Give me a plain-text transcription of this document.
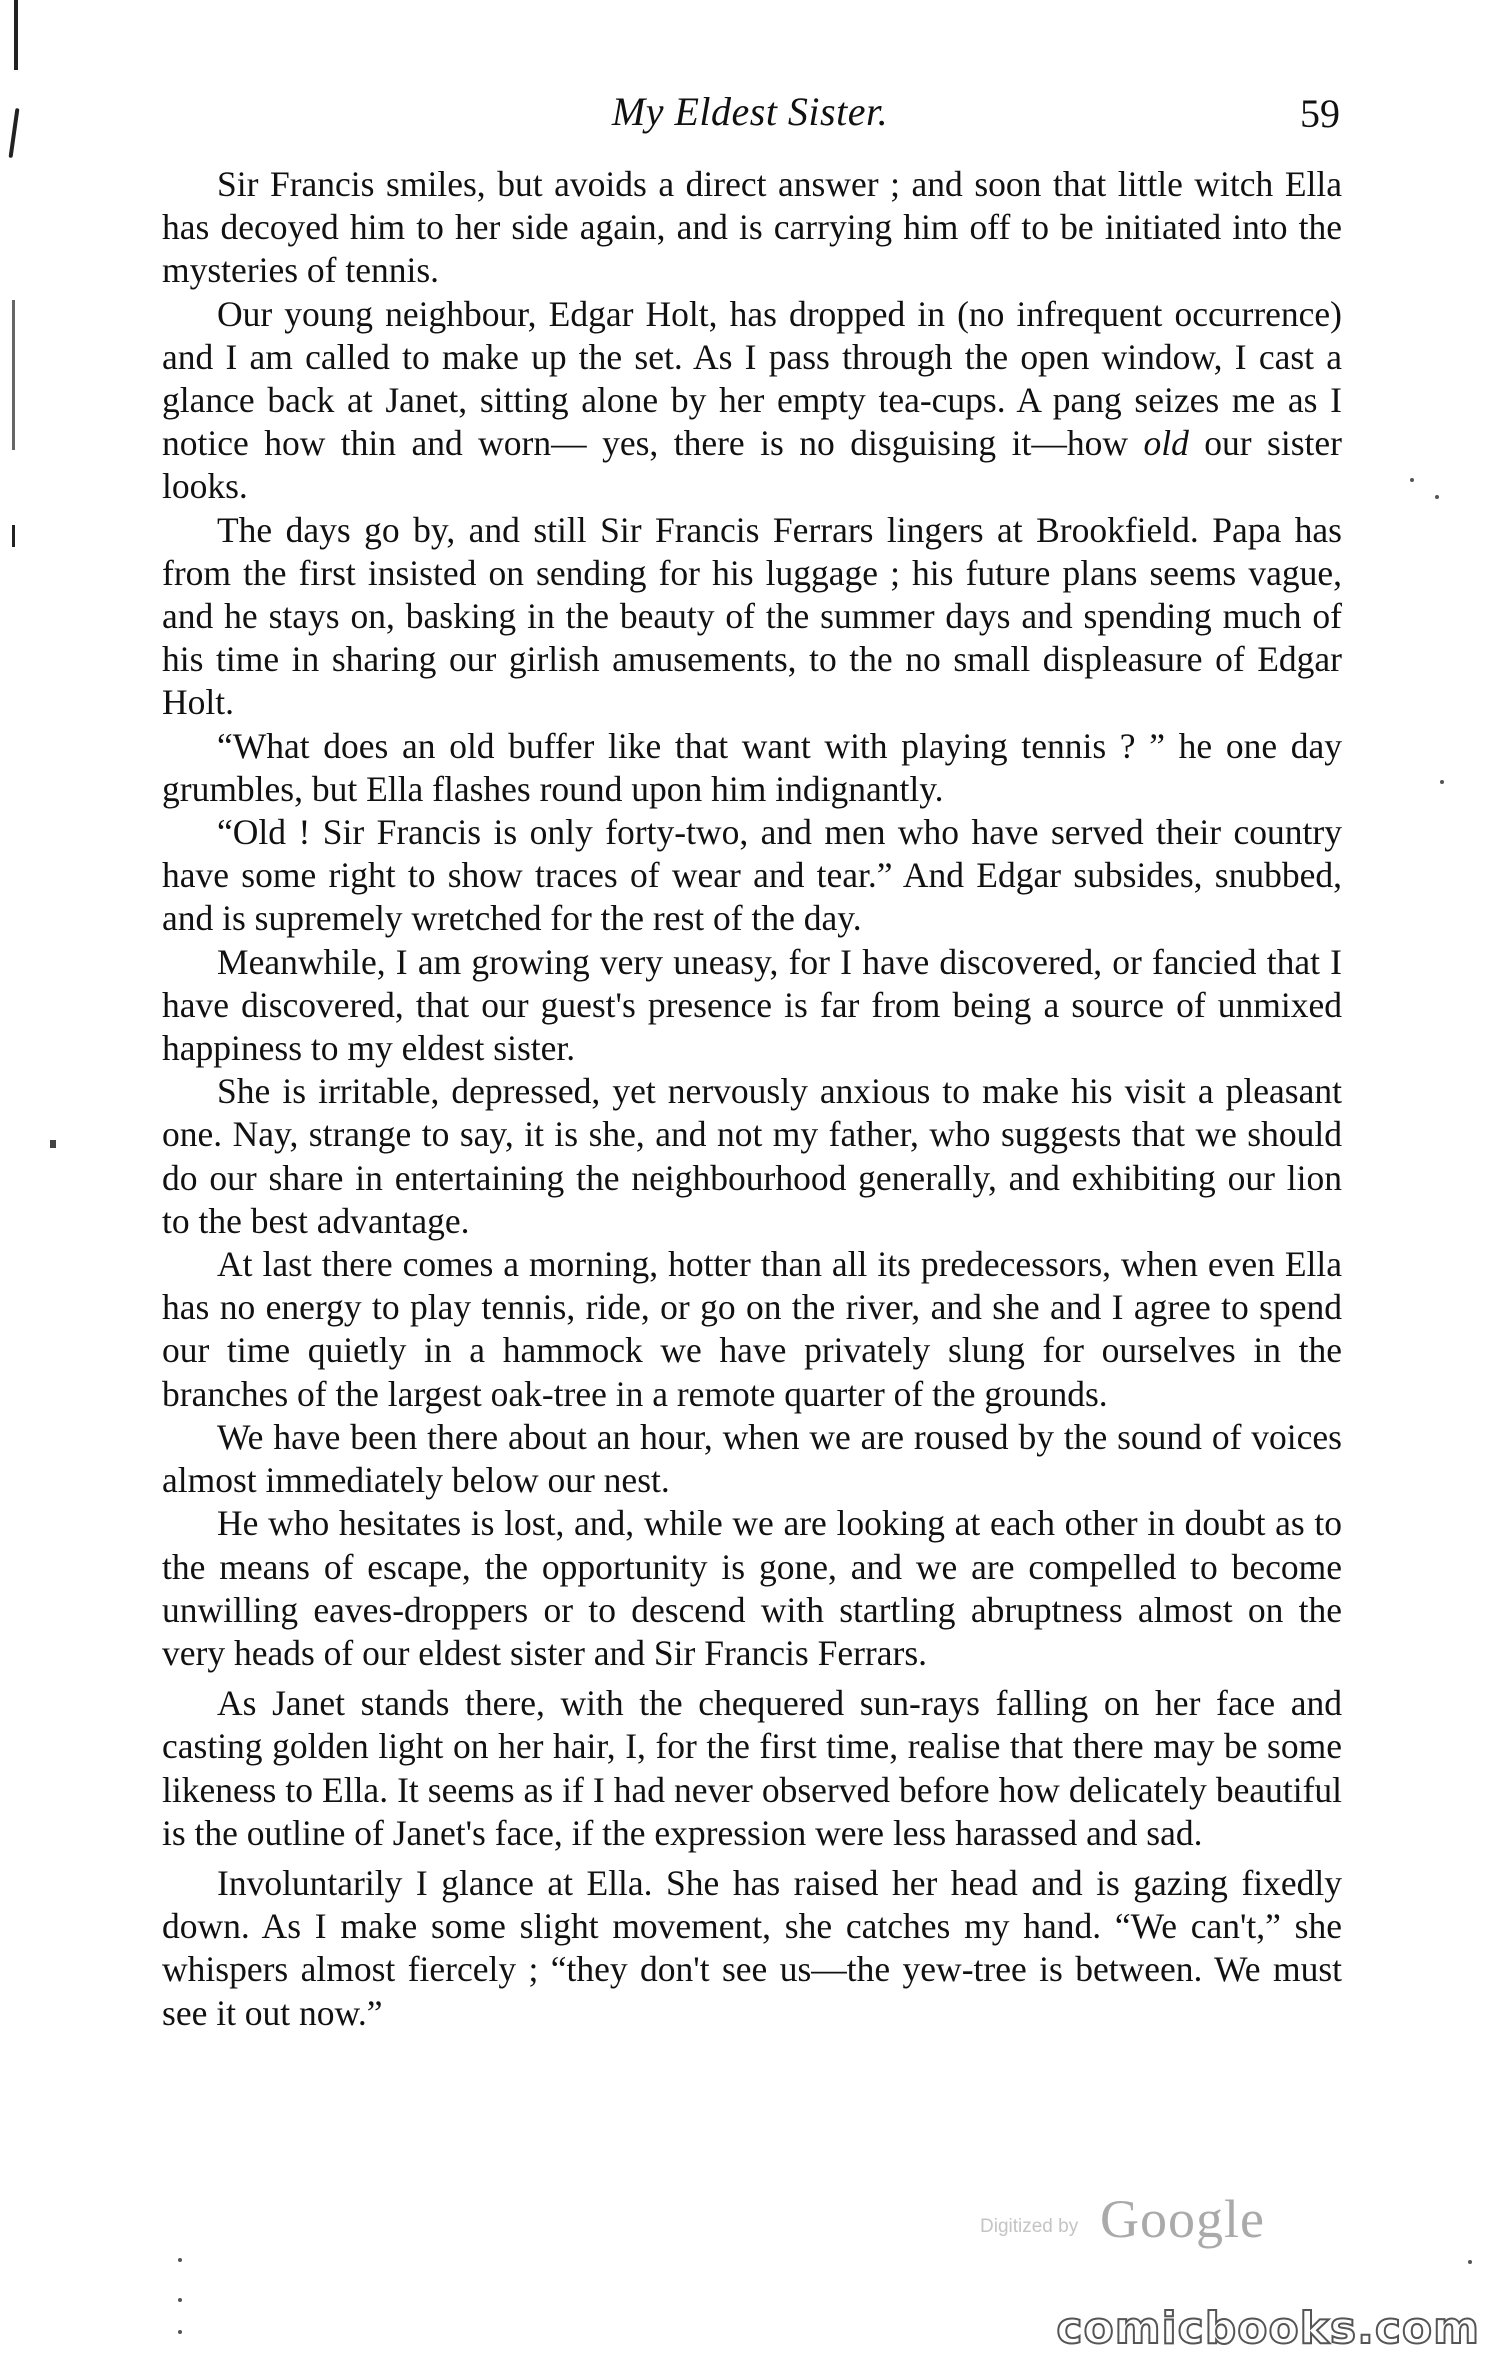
My Eldest Sister.	59

Sir Francis smiles, but avoids a direct answer ; and soon that little witch Ella has decoyed him to her side again, and is carrying him off to be initiated into the mysteries of tennis.

Our young neighbour, Edgar Holt, has dropped in (no infrequent occurrence) and I am called to make up the set. As I pass through the open window, I cast a glance back at Janet, sitting alone by her empty tea-cups. A pang seizes me as I notice how thin and worn— yes, there is no disguising it—how old our sister looks.

The days go by, and still Sir Francis Ferrars lingers at Brookfield. Papa has from the first insisted on sending for his luggage ; his future plans seems vague, and he stays on, basking in the beauty of the summer days and spending much of his time in sharing our girlish amusements, to the no small displeasure of Edgar Holt.

“What does an old buffer like that want with playing tennis ? ” he one day grumbles, but Ella flashes round upon him indignantly.

“Old ! Sir Francis is only forty-two, and men who have served their country have some right to show traces of wear and tear.” And Edgar subsides, snubbed, and is supremely wretched for the rest of the day.

Meanwhile, I am growing very uneasy, for I have discovered, or fancied that I have discovered, that our guest's presence is far from being a source of unmixed happiness to my eldest sister.

She is irritable, depressed, yet nervously anxious to make his visit a pleasant one. Nay, strange to say, it is she, and not my father, who suggests that we should do our share in entertaining the neighbourhood generally, and exhibiting our lion to the best advantage.

At last there comes a morning, hotter than all its predecessors, when even Ella has no energy to play tennis, ride, or go on the river, and she and I agree to spend our time quietly in a hammock we have privately slung for ourselves in the branches of the largest oak-tree in a remote quarter of the grounds.

We have been there about an hour, when we are roused by the sound of voices almost immediately below our nest.

He who hesitates is lost, and, while we are looking at each other in doubt as to the means of escape, the opportunity is gone, and we are compelled to become unwilling eaves-droppers or to descend with startling abruptness almost on the very heads of our eldest sister and Sir Francis Ferrars.

As Janet stands there, with the chequered sun-rays falling on her face and casting golden light on her hair, I, for the first time, realise that there may be some likeness to Ella. It seems as if I had never observed before how delicately beautiful is the outline of Janet's face, if the expression were less harassed and sad.

Involuntarily I glance at Ella. She has raised her head and is gazing fixedly down. As I make some slight movement, she catches my hand. “We can't,” she whispers almost fiercely ; “they don't see us—the yew-tree is between. We must see it out now.”

Digitized by Google
comicbooks.com
